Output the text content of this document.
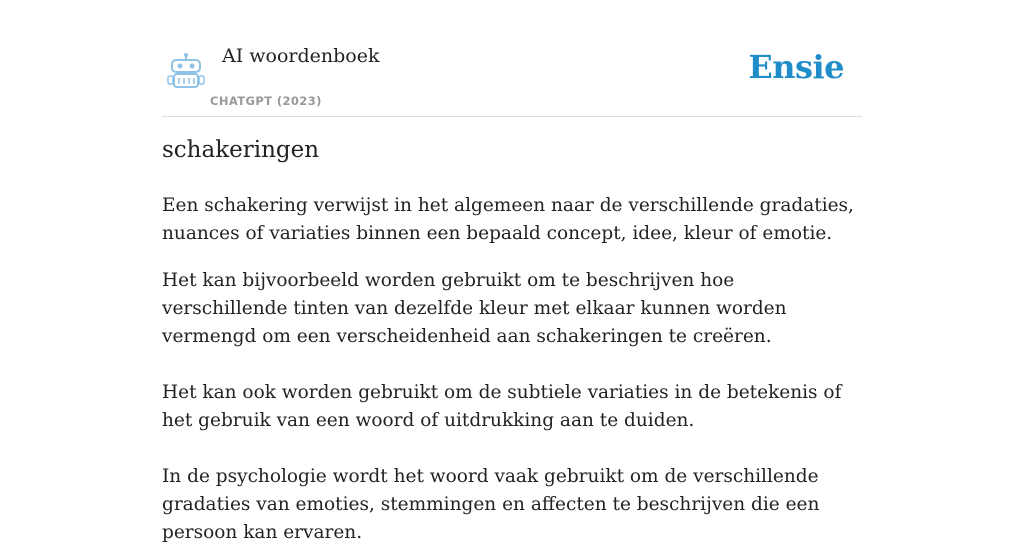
AI woordenboek
CHATGPT (2023)
Ensie
schakeringen

Een schakering verwijst in het algemeen naar de verschillende gradaties, nuances of variaties binnen een bepaald concept, idee, kleur of emotie.

Het kan bijvoorbeeld worden gebruikt om te beschrijven hoe verschillende tinten van dezelfde kleur met elkaar kunnen worden vermengd om een verscheidenheid aan schakeringen te creëren.

Het kan ook worden gebruikt om de subtiele variaties in de betekenis of het gebruik van een woord of uitdrukking aan te duiden.

In de psychologie wordt het woord vaak gebruikt om de verschillende gradaties van emoties, stemmingen en affecten te beschrijven die een persoon kan ervaren.
